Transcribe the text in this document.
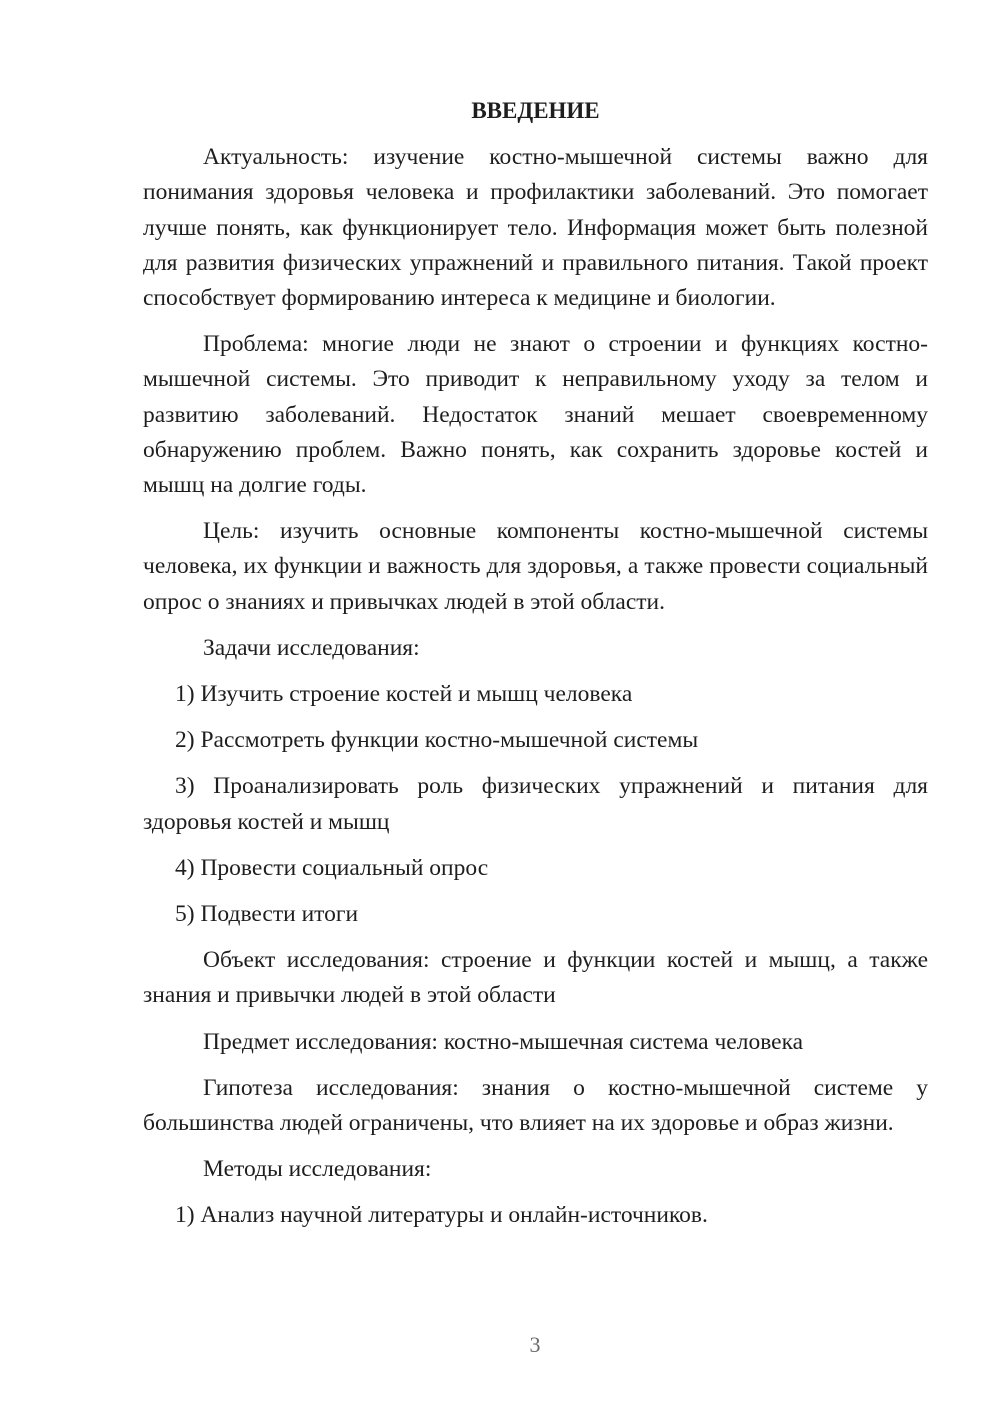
ВВЕДЕНИЕ

Актуальность: изучение костно-мышечной системы важно для понимания здоровья человека и профилактики заболеваний. Это помогает лучше понять, как функционирует тело. Информация может быть полезной для развития физических упражнений и правильного питания. Такой проект способствует формированию интереса к медицине и биологии.

Проблема: многие люди не знают о строении и функциях костно-мышечной системы. Это приводит к неправильному уходу за телом и развитию заболеваний. Недостаток знаний мешает своевременному обнаружению проблем. Важно понять, как сохранить здоровье костей и мышц на долгие годы.

Цель: изучить основные компоненты костно-мышечной системы человека, их функции и важность для здоровья, а также провести социальный опрос о знаниях и привычках людей в этой области.

Задачи исследования:

1) Изучить строение костей и мышц человека

2) Рассмотреть функции костно-мышечной системы

3) Проанализировать роль физических упражнений и питания для здоровья костей и мышц

4) Провести социальный опрос

5) Подвести итоги

Объект исследования: строение и функции костей и мышц, а также знания и привычки людей в этой области

Предмет исследования: костно-мышечная система человека

Гипотеза исследования: знания о костно-мышечной системе у большинства людей ограничены, что влияет на их здоровье и образ жизни.

Методы исследования:

1) Анализ научной литературы и онлайн-источников.

3
